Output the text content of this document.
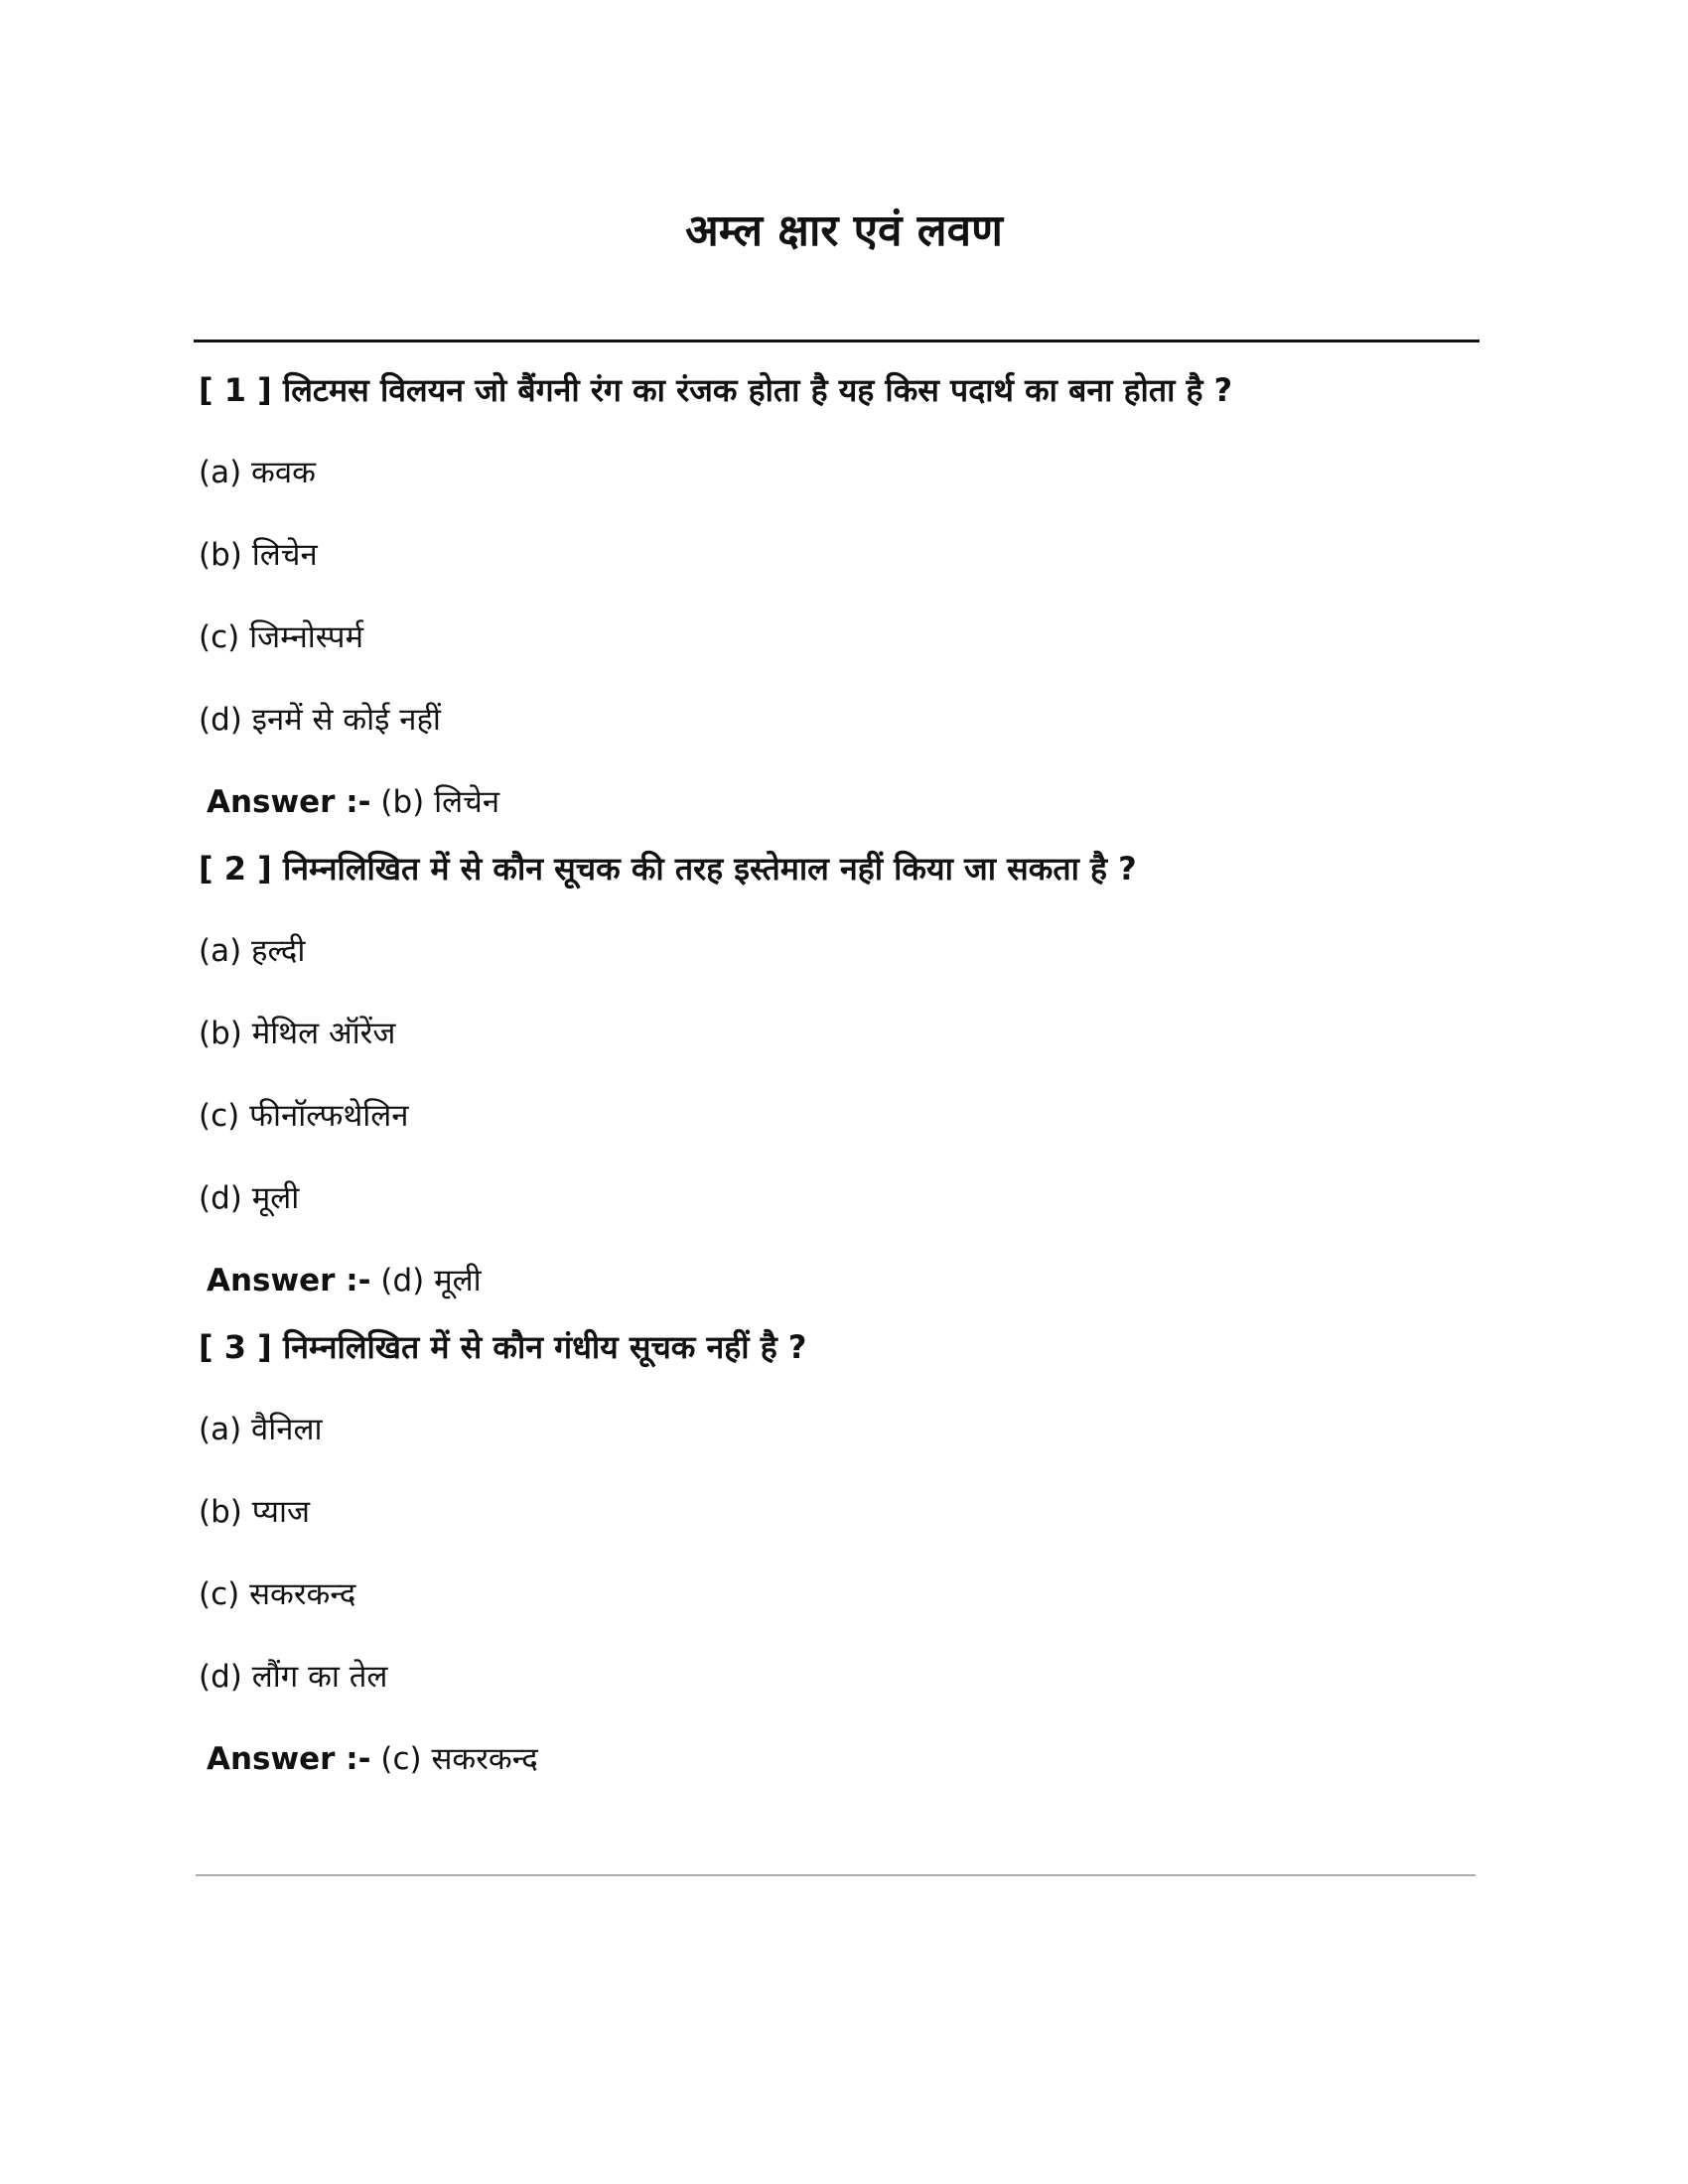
अम्ल क्षार एवं लवण
[ 1 ] लिटमस विलयन जो बैंगनी रंग का रंजक होता है यह किस पदार्थ का बना होता है ?
(a) कवक
(b) लिचेन
(c) जिम्नोस्पर्म
(d) इनमें से कोई नहीं
Answer :- (b) लिचेन
[ 2 ] निम्नलिखित में से कौन सूचक की तरह इस्तेमाल नहीं किया जा सकता है ?
(a) हल्दी
(b) मेथिल ऑरेंज
(c) फीनॉल्फथेलिन
(d) मूली
Answer :- (d) मूली
[ 3 ] निम्नलिखित में से कौन गंधीय सूचक नहीं है ?
(a) वैनिला
(b) प्याज
(c) सकरकन्द
(d) लौंग का तेल
Answer :- (c) सकरकन्द
